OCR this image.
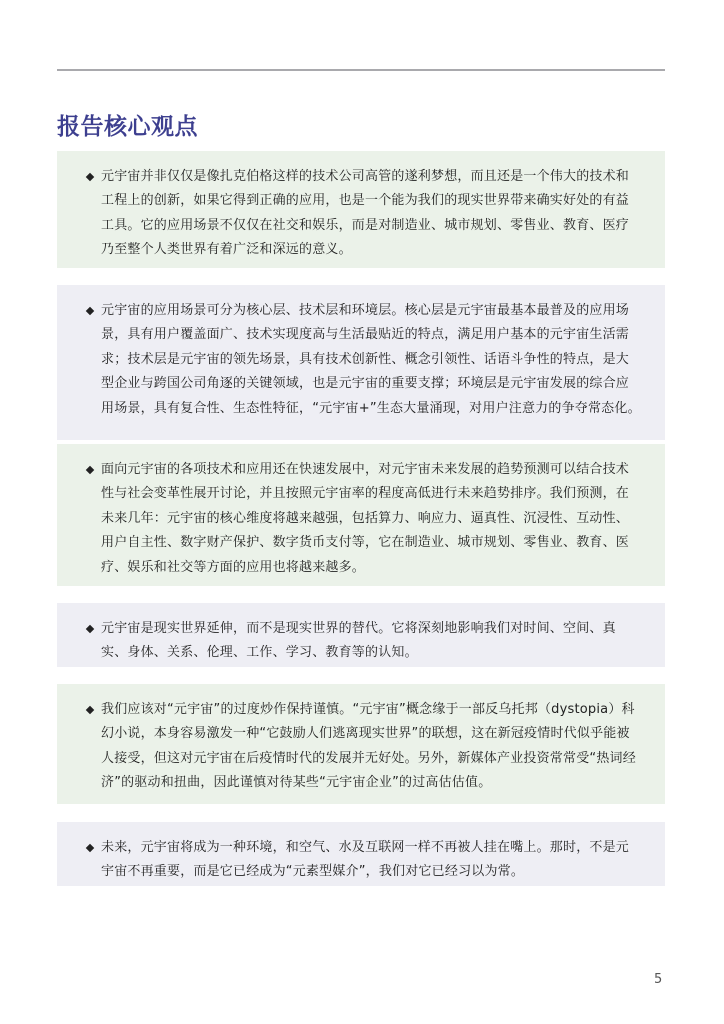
报告核心观点

元宇宙并非仅仅是像扎克伯格这样的技术公司高管的遂利梦想，而且还是一个伟大的技术和工程上的创新，如果它得到正确的应用，也是一个能为我们的现实世界带来确实好处的有益工具。它的应用场景不仅仅在社交和娱乐，而是对制造业、城市规划、零售业、教育、医疗乃至整个人类世界有着广泛和深远的意义。

元宇宙的应用场景可分为核心层、技术层和环境层。核心层是元宇宙最基本最普及的应用场景，具有用户覆盖面广、技术实现度高与生活最贴近的特点，满足用户基本的元宇宙生活需求；技术层是元宇宙的领先场景，具有技术创新性、概念引领性、话语斗争性的特点，是大型企业与跨国公司角逐的关键领域，也是元宇宙的重要支撑；环境层是元宇宙发展的综合应用场景，具有复合性、生态性特征，“元宇宙+”生态大量涌现，对用户注意力的争夺常态化。

面向元宇宙的各项技术和应用还在快速发展中，对元宇宙未来发展的趋势预测可以结合技术性与社会变革性展开讨论，并且按照元宇宙率的程度高低进行未来趋势排序。我们预测，在未来几年：元宇宙的核心维度将越来越强，包括算力、响应力、逼真性、沉浸性、互动性、用户自主性、数字财产保护、数字货币支付等，它在制造业、城市规划、零售业、教育、医疗、娱乐和社交等方面的应用也将越来越多。

元宇宙是现实世界延伸，而不是现实世界的替代。它将深刻地影响我们对时间、空间、真实、身体、关系、伦理、工作、学习、教育等的认知。

我们应该对“元宇宙”的过度炒作保持谨慎。“元宇宙”概念缘于一部反乌托邦（dystopia）科幻小说，本身容易激发一种“它鼓励人们逃离现实世界”的联想，这在新冠疫情时代似乎能被人接受，但这对元宇宙在后疫情时代的发展并无好处。另外，新媒体产业投资常常受“热词经济”的驱动和扭曲，因此谨慎对待某些“元宇宙企业”的过高估估值。

未来，元宇宙将成为一种环境，和空气、水及互联网一样不再被人挂在嘴上。那时，不是元宇宙不再重要，而是它已经成为“元素型媒介”，我们对它已经习以为常。

5
